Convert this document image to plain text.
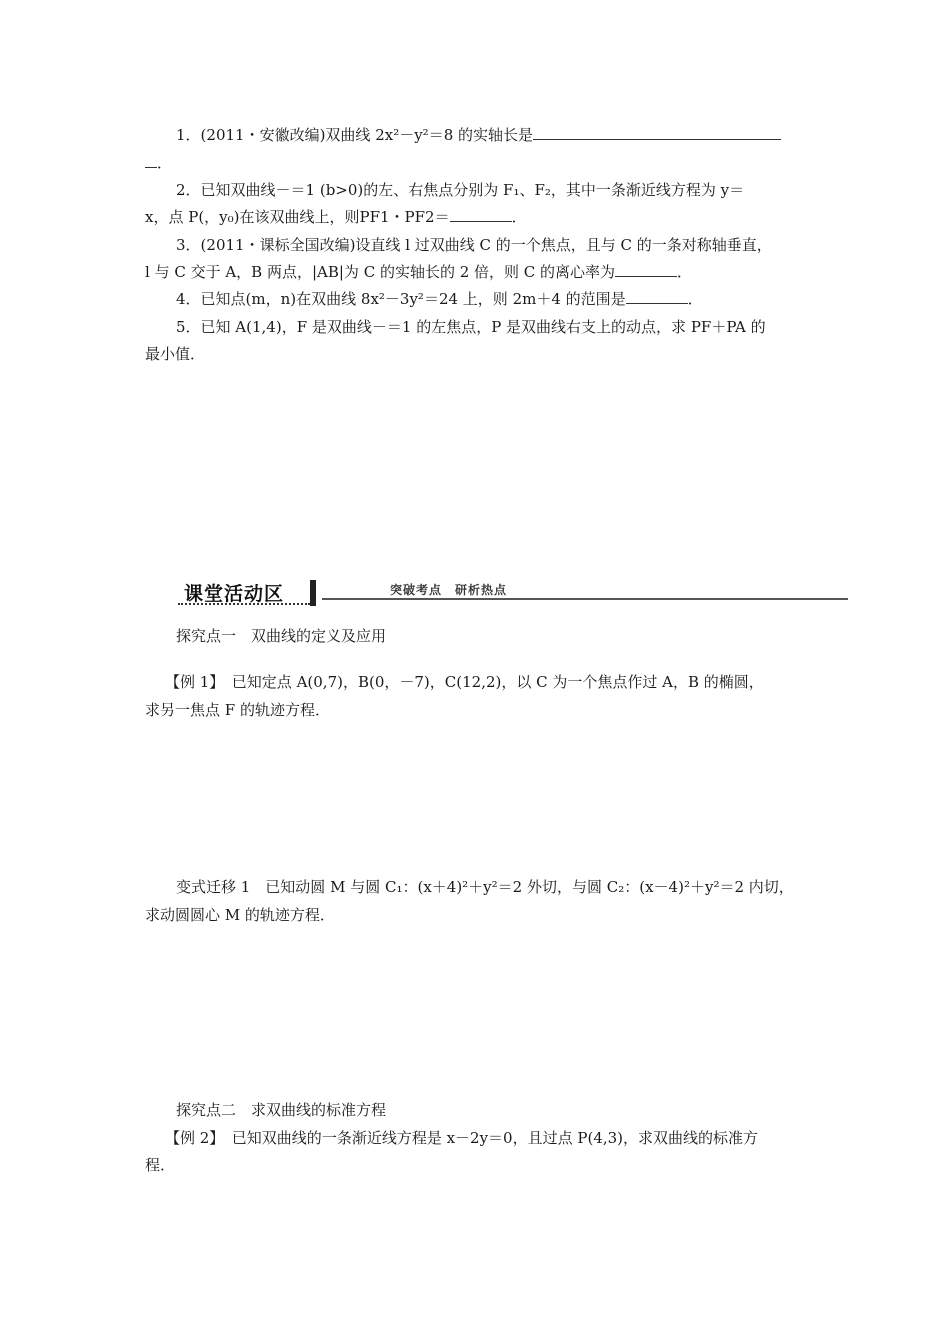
1．(2011・安徽改编)双曲线 2x²－y²＝8 的实轴长是
．
2．已知双曲线－＝1 (b>0)的左、右焦点分别为 F₁、F₂，其中一条渐近线方程为 y＝
x，点 P(，y₀)在该双曲线上，则PF1・PF2＝	．
3．(2011・课标全国改编)设直线 l 过双曲线 C 的一个焦点，且与 C 的一条对称轴垂直，
l 与 C 交于 A，B 两点，|AB|为 C 的实轴长的 2 倍，则 C 的离心率为	．
4．已知点(m，n)在双曲线 8x²－3y²＝24 上，则 2m＋4 的范围是	．
5．已知 A(1,4)，F 是双曲线－＝1 的左焦点，P 是双曲线右支上的动点，求 PF＋PA 的
最小值．
课堂活动区	突破考点　研析热点
探究点一　双曲线的定义及应用
【例 1】　已知定点 A(0,7)，B(0，－7)，C(12,2)，以 C 为一个焦点作过 A，B 的椭圆，
求另一焦点 F 的轨迹方程．
变式迁移 1　已知动圆 M 与圆 C₁：(x＋4)²＋y²＝2 外切，与圆 C₂：(x－4)²＋y²＝2 内切，
求动圆圆心 M 的轨迹方程．
探究点二　求双曲线的标准方程
【例 2】　已知双曲线的一条渐近线方程是 x－2y＝0，且过点 P(4,3)，求双曲线的标准方
程．
